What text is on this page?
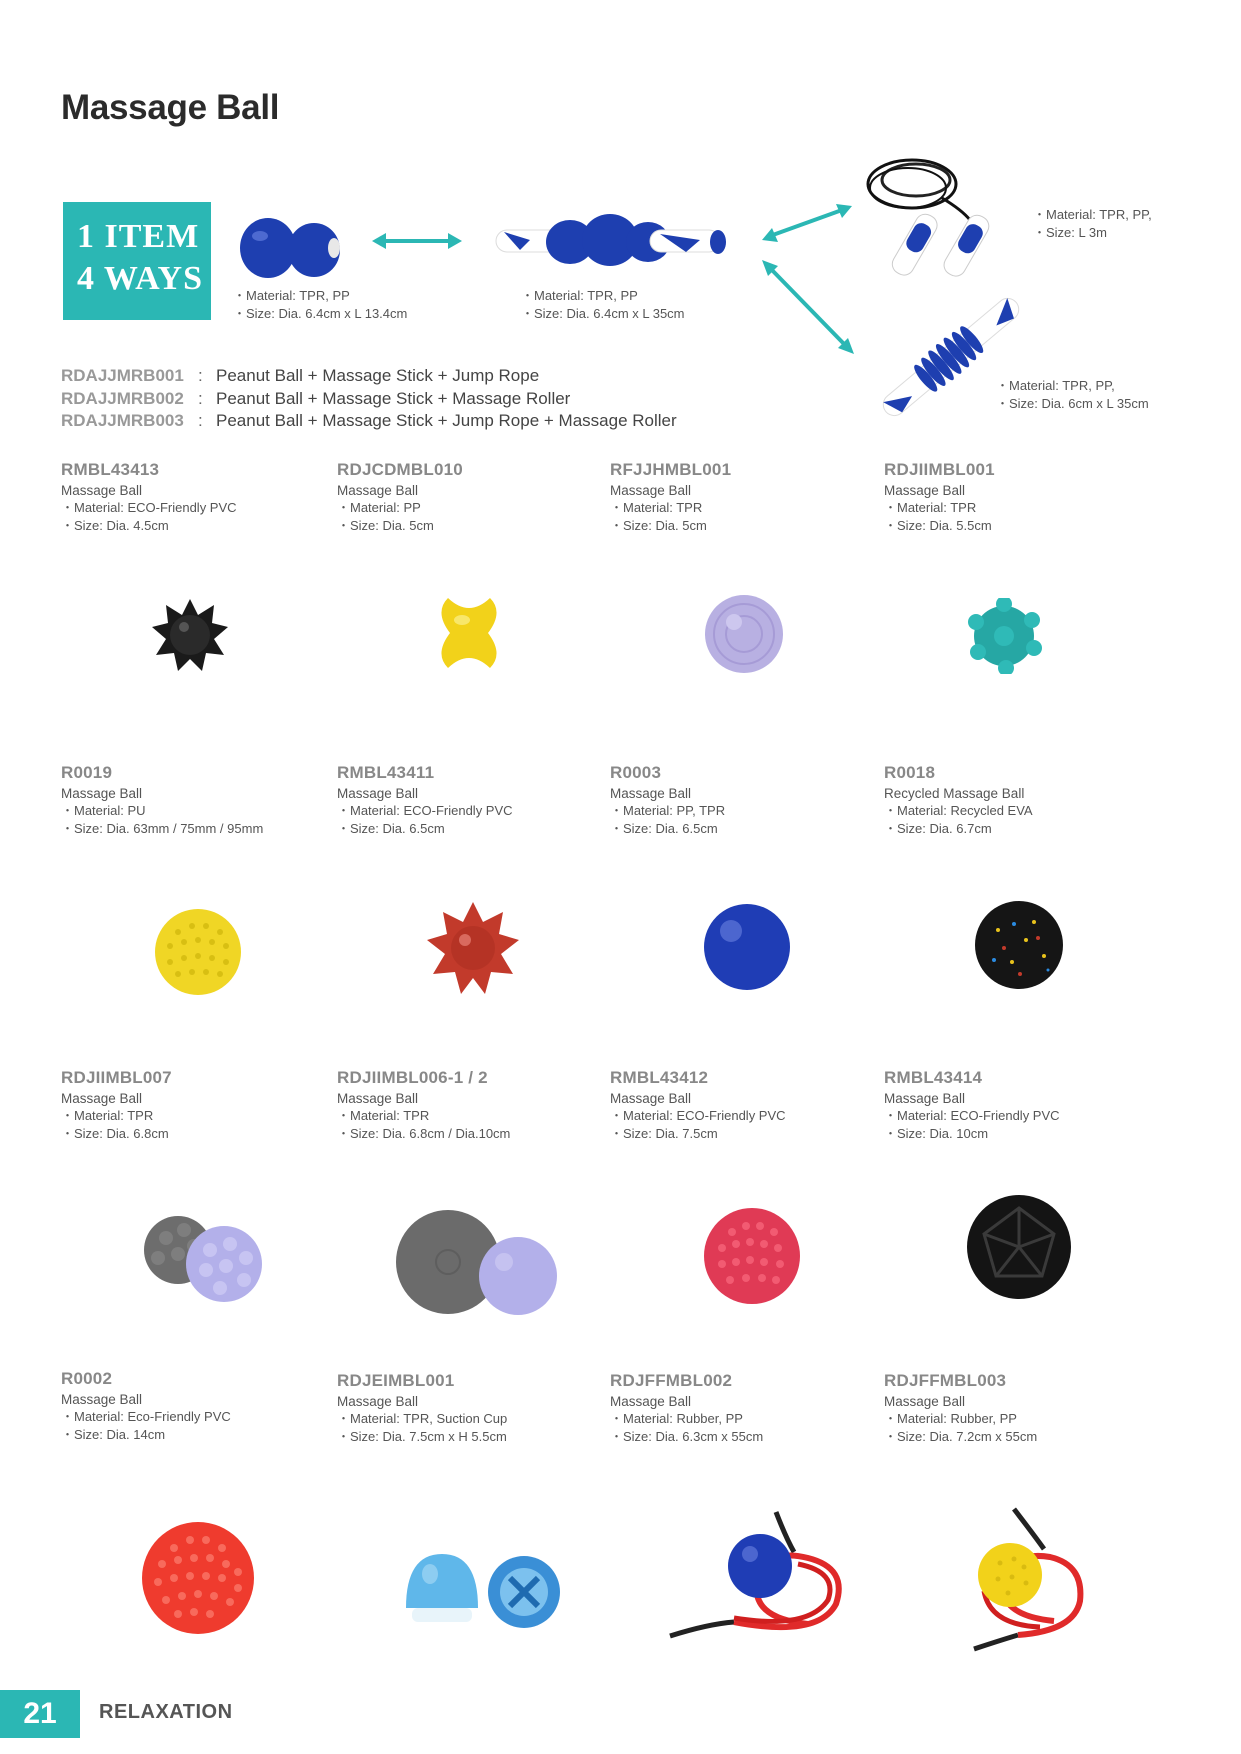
Massage Ball
1 ITEM
4 WAYS	・Material: TPR, PP
・Size: Dia. 6.4cm x L 13.4cm
・Material: TPR, PP
・Size: Dia. 6.4cm x L 35cm
・Material: TPR, PP,
・Size: L 3m
・Material: TPR, PP,
・Size: Dia. 6cm x L 35cm
RDAJJMRB001 : Peanut Ball + Massage Stick + Jump Rope
RDAJJMRB002 : Peanut Ball + Massage Stick + Massage Roller
RDAJJMRB003 : Peanut Ball + Massage Stick + Jump Rope + Massage Roller
RMBL43413
Massage Ball
・Material: ECO-Friendly PVC
・Size: Dia. 4.5cm
RDJCDMBL010
Massage Ball
・Material: PP
・Size: Dia. 5cm
RFJJHMBL001
Massage Ball
・Material: TPR
・Size: Dia. 5cm
RDJIIMBL001
Massage Ball
・Material: TPR
・Size: Dia. 5.5cm
R0019
Massage Ball
・Material: PU
・Size: Dia. 63mm / 75mm / 95mm
RMBL43411
Massage Ball
・Material: ECO-Friendly PVC
・Size: Dia. 6.5cm
R0003
Massage Ball
・Material: PP, TPR
・Size: Dia. 6.5cm
R0018
Recycled Massage Ball
・Material: Recycled EVA
・Size: Dia. 6.7cm
RDJIIMBL007
Massage Ball
・Material: TPR
・Size: Dia. 6.8cm
RDJIIMBL006-1 / 2
Massage Ball
・Material: TPR
・Size: Dia. 6.8cm / Dia.10cm
RMBL43412
Massage Ball
・Material: ECO-Friendly PVC
・Size: Dia. 7.5cm
RMBL43414
Massage Ball
・Material: ECO-Friendly PVC
・Size: Dia. 10cm
R0002
Massage Ball
・Material: Eco-Friendly PVC
・Size: Dia. 14cm
RDJEIMBL001
Massage Ball
・Material: TPR, Suction Cup
・Size: Dia. 7.5cm x H 5.5cm
RDJFFMBL002
Massage Ball
・Material: Rubber, PP
・Size: Dia. 6.3cm x 55cm
RDJFFMBL003
Massage Ball
・Material: Rubber, PP
・Size: Dia. 7.2cm x 55cm
21	RELAXATION
